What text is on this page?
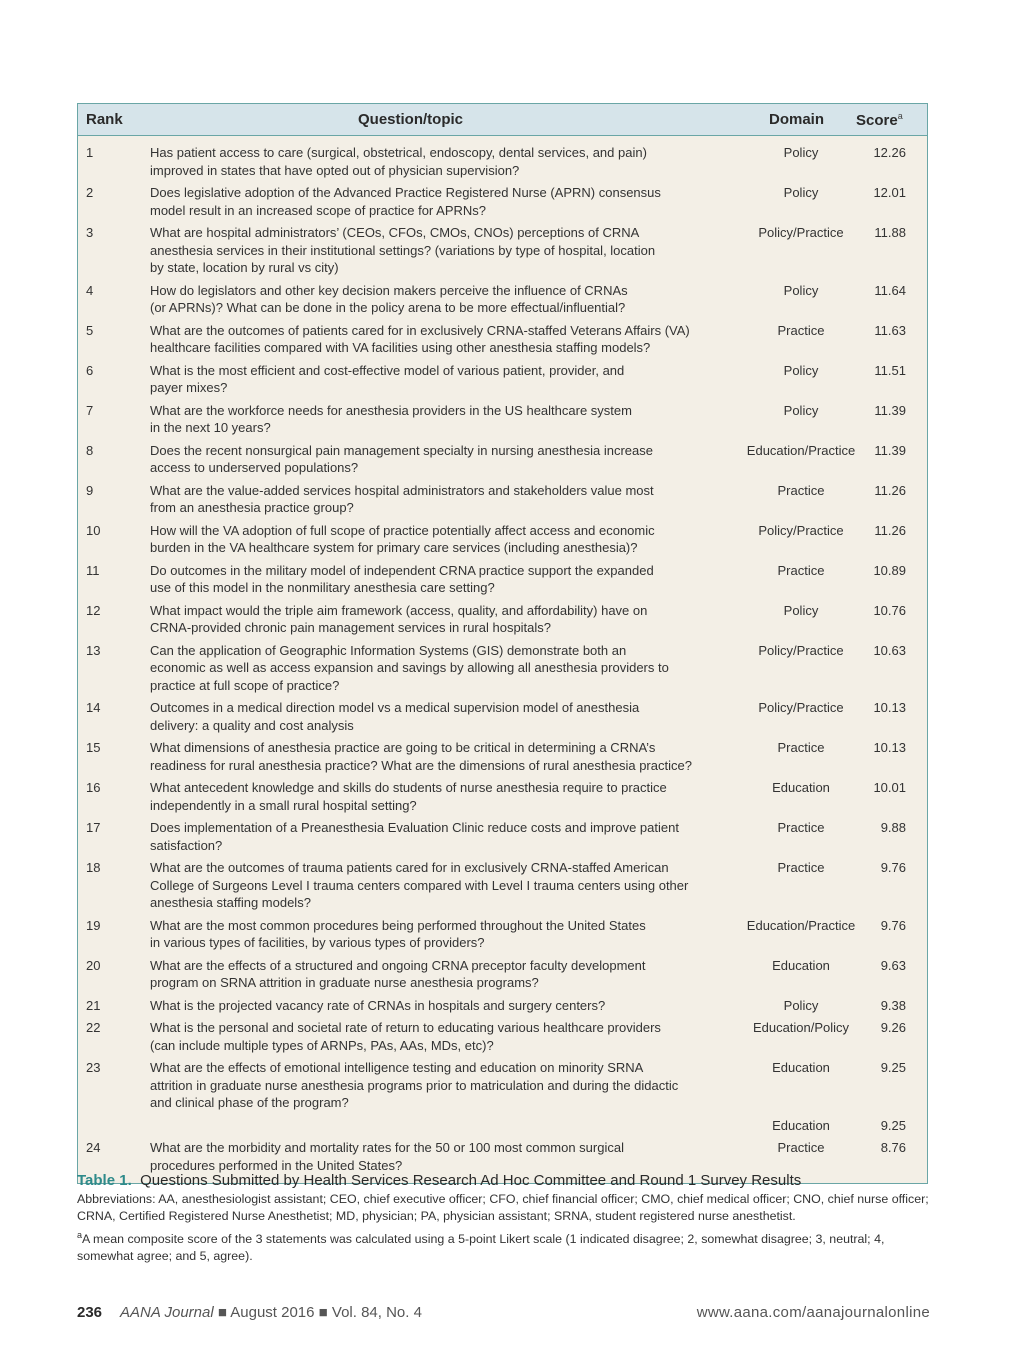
Rank	Question/topic	Domain Score$^a$
1	Has patient access to care (surgical, obstetrical, endoscopy, dental services, and pain)
improved in states that have opted out of physician supervision?
Policy	12.26
2	Does legislative adoption of the Advanced Practice Registered Nurse (APRN) consensus
model result in an increased scope of practice for APRNs?
Policy	12.01
3	What are hospital administrators’ (CEOs, CFOs, CMOs, CNOs) perceptions of CRNA
anesthesia services in their institutional settings? (variations by type of hospital, location
by state, location by rural vs city)
Policy/Practice	11.88
4	How do legislators and other key decision makers perceive the influence of CRNAs
(or APRNs)? What can be done in the policy arena to be more effectual/influential?
Policy	11.64
5	What are the outcomes of patients cared for in exclusively CRNA-staffed Veterans Affairs (VA)
healthcare facilities compared with VA facilities using other anesthesia staffing models?
Practice	11.63
6	What is the most efficient and cost-effective model of various patient, provider, and
payer mixes?
Policy	11.51
7	What are the workforce needs for anesthesia providers in the US healthcare system
in the next 10 years?
Policy	11.39
8	Does the recent nonsurgical pain management specialty in nursing anesthesia increase
access to underserved populations?
Education/Practice	11.39
9	What are the value-added services hospital administrators and stakeholders value most
from an anesthesia practice group?
Practice	11.26
10	How will the VA adoption of full scope of practice potentially affect access and economic
burden in the VA healthcare system for primary care services (including anesthesia)?
Policy/Practice	11.26
11	Do outcomes in the military model of independent CRNA practice support the expanded
use of this model in the nonmilitary anesthesia care setting?
Practice	10.89
12	What impact would the triple aim framework (access, quality, and affordability) have on
CRNA-provided chronic pain management services in rural hospitals?
Policy	10.76
13	Can the application of Geographic Information Systems (GIS) demonstrate both an
economic as well as access expansion and savings by allowing all anesthesia providers to
practice at full scope of practice?
Policy/Practice	10.63
14	Outcomes in a medical direction model vs a medical supervision model of anesthesia
delivery: a quality and cost analysis
Policy/Practice	10.13
15	What dimensions of anesthesia practice are going to be critical in determining a CRNA’s
readiness for rural anesthesia practice? What are the dimensions of rural anesthesia practice?
Practice	10.13
16	What antecedent knowledge and skills do students of nurse anesthesia require to practice
independently in a small rural hospital setting?
Education	10.01
17	Does implementation of a Preanesthesia Evaluation Clinic reduce costs and improve patient
satisfaction?
Practice	9.88
18	What are the outcomes of trauma patients cared for in exclusively CRNA-staffed American
College of Surgeons Level I trauma centers compared with Level I trauma centers using other
anesthesia staffing models?
Practice	9.76
19	What are the most common procedures being performed throughout the United States
in various types of facilities, by various types of providers?
Education/Practice	9.76
20	What are the effects of a structured and ongoing CRNA preceptor faculty development
program on SRNA attrition in graduate nurse anesthesia programs?
Education	9.63
21	What is the projected vacancy rate of CRNAs in hospitals and surgery centers?	Policy	9.38
22	What is the personal and societal rate of return to educating various healthcare providers
(can include multiple types of ARNPs, PAs, AAs, MDs, etc)?
Education/Policy	9.26
23	What are the effects of emotional intelligence testing and education on minority SRNA
attrition in graduate nurse anesthesia programs prior to matriculation and during the didactic
and clinical phase of the program?
Education	9.25
Education	9.25
24	What are the morbidity and mortality rates for the 50 or 100 most common surgical
procedures performed in the United States?
Practice	8.76
Table 1. Questions Submitted by Health Services Research Ad Hoc Committee and Round 1 Survey Results
Abbreviations: AA, anesthesiologist assistant; CEO, chief executive officer; CFO, chief financial officer; CMO, chief medical officer; CNO, chief nurse officer; CRNA, Certified Registered Nurse Anesthetist; MD, physician; PA, physician assistant; SRNA, student registered nurse anesthetist.
$^a$A mean composite score of the 3 statements was calculated using a 5-point Likert scale (1 indicated disagree; 2, somewhat disagree; 3, neutral; 4, somewhat agree; and 5, agree).
236 AANA Journal ■ August 2016 ■ Vol. 84, No. 4	www.aana.com/aanajournalonline
